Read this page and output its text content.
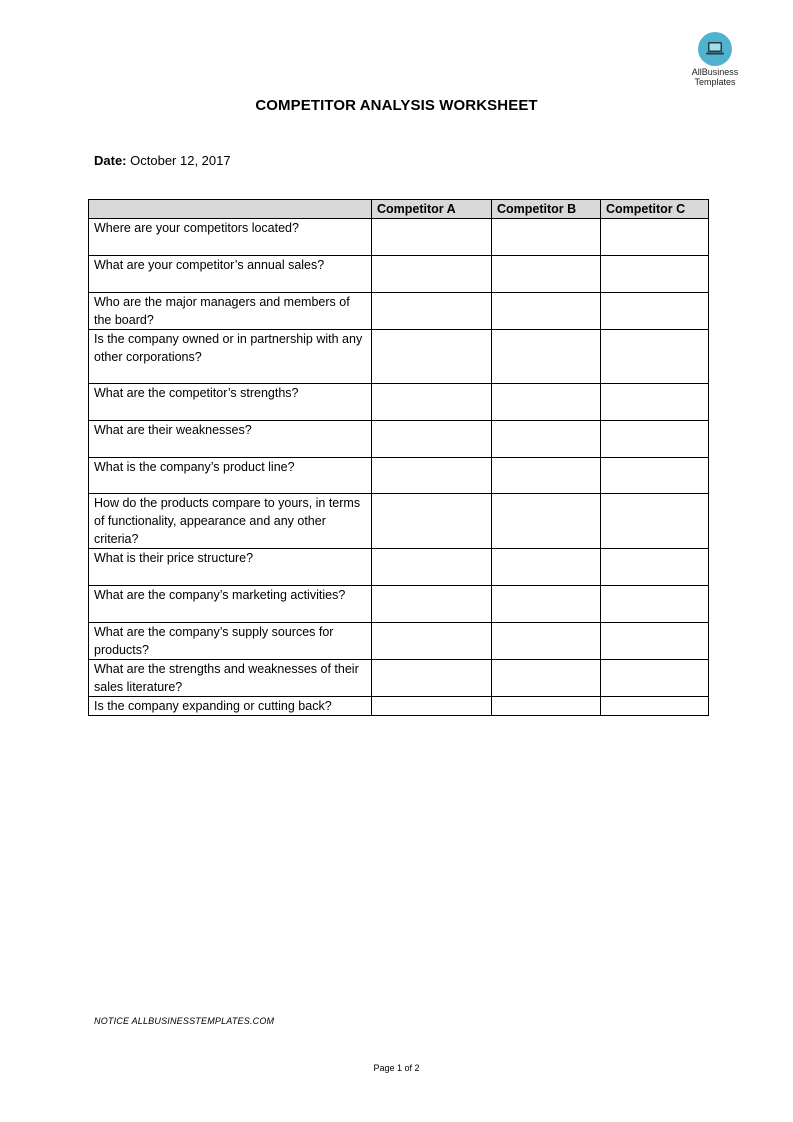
AllBusiness
Templates
COMPETITOR ANALYSIS WORKSHEET
Date: October 12, 2017
	Competitor A	Competitor B	Competitor C
Where are your competitors located?			
What are your competitor’s annual sales?			
Who are the major managers and members of the board?			
Is the company owned or in partnership with any other corporations?			
What are the competitor’s strengths?			
What are their weaknesses?			
What is the company’s product line?			
How do the products compare to yours, in terms of functionality, appearance and any other criteria?			
What is their price structure?			
What are the company’s marketing activities?			
What are the company’s supply sources for products?			
What are the strengths and weaknesses of their sales literature?			
Is the company expanding or cutting back?			
NOTICE ALLBUSINESSTEMPLATES.COM
Page 1 of 2
